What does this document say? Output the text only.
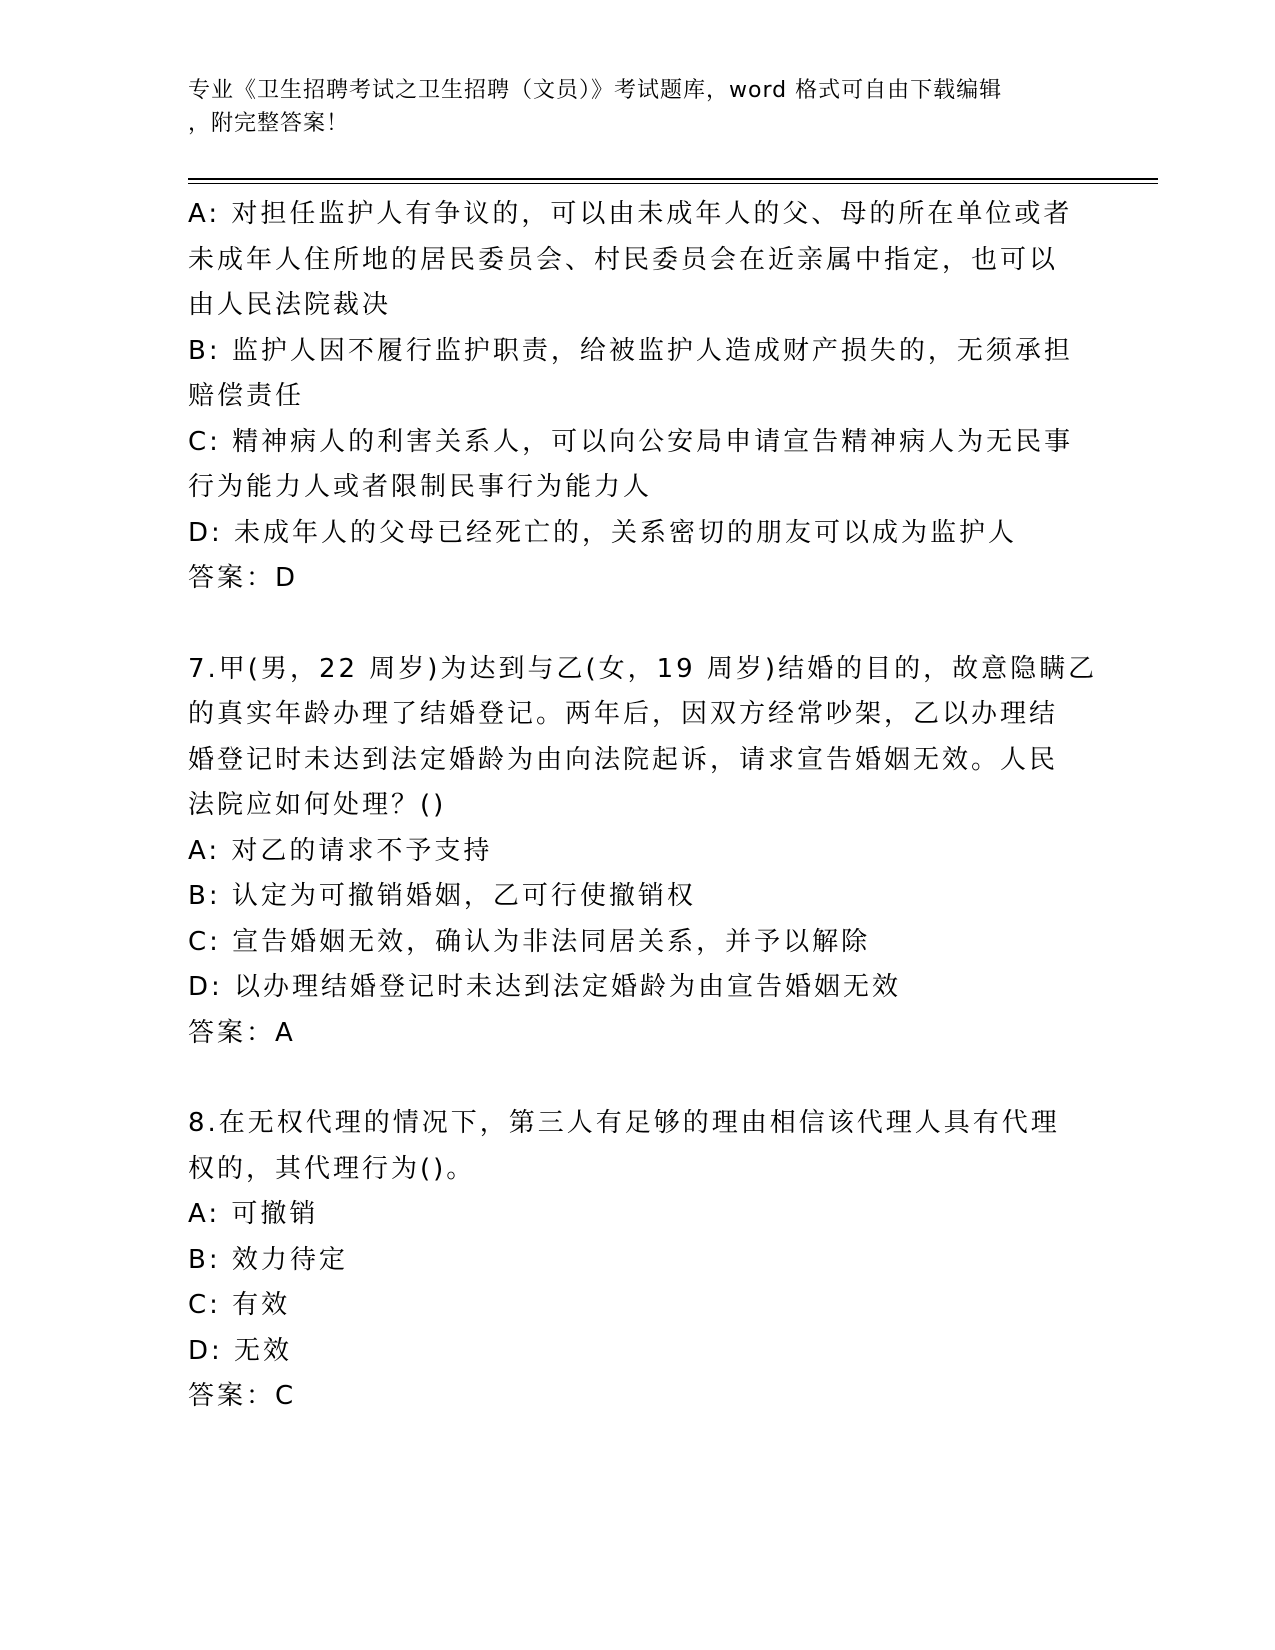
专业《卫生招聘考试之卫生招聘（文员）》考试题库，word 格式可自由下载编辑
，附完整答案！
A: 对担任监护人有争议的，可以由未成年人的父、母的所在单位或者
未成年人住所地的居民委员会、村民委员会在近亲属中指定，也可以
由人民法院裁决
B: 监护人因不履行监护职责，给被监护人造成财产损失的，无须承担
赔偿责任
C: 精神病人的利害关系人，可以向公安局申请宣告精神病人为无民事
行为能力人或者限制民事行为能力人
D: 未成年人的父母已经死亡的，关系密切的朋友可以成为监护人
答案：D
7.甲(男，22 周岁)为达到与乙(女，19 周岁)结婚的目的，故意隐瞒乙
的真实年龄办理了结婚登记。两年后，因双方经常吵架，乙以办理结
婚登记时未达到法定婚龄为由向法院起诉，请求宣告婚姻无效。人民
法院应如何处理？()
A: 对乙的请求不予支持
B: 认定为可撤销婚姻，乙可行使撤销权
C: 宣告婚姻无效，确认为非法同居关系，并予以解除
D: 以办理结婚登记时未达到法定婚龄为由宣告婚姻无效
答案：A
8.在无权代理的情况下，第三人有足够的理由相信该代理人具有代理
权的，其代理行为()。
A: 可撤销
B: 效力待定
C: 有效
D: 无效
答案：C
